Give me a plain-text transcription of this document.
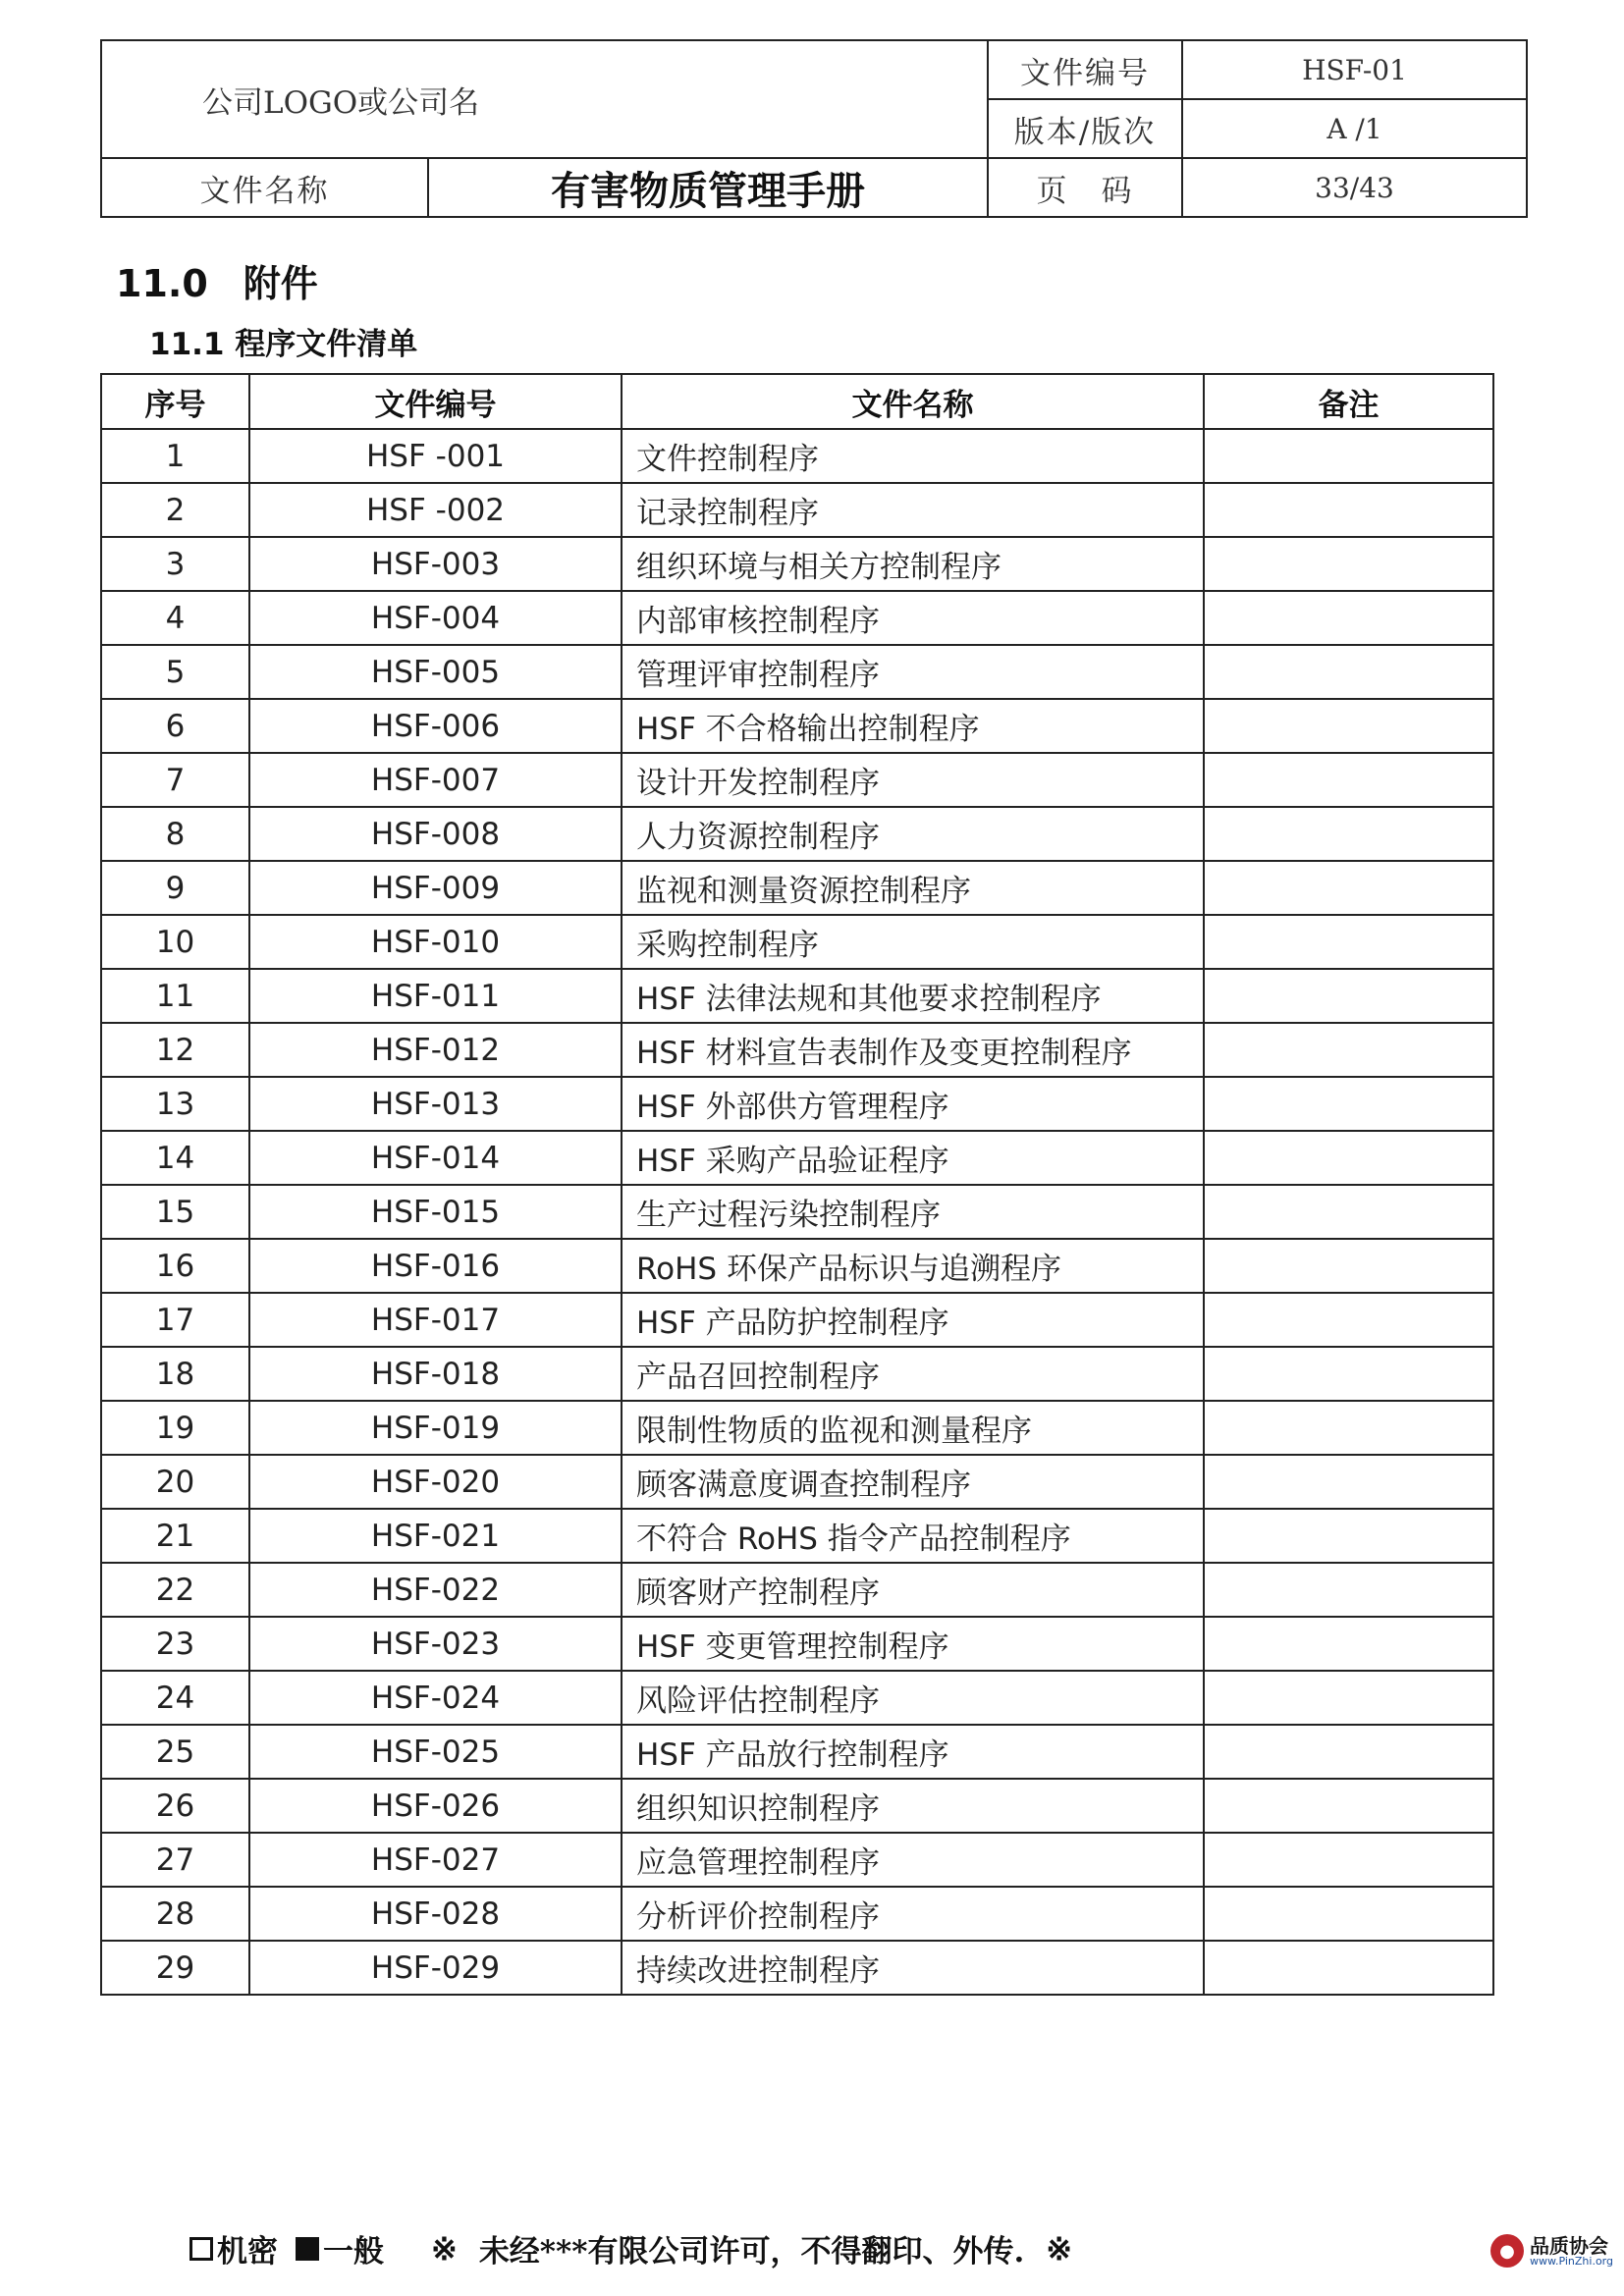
公司LOGO或公司名		文件编号	HSF-01
		版本/版次	A /1
文件名称	有害物质管理手册	页　码	33/43
11.0 附件
11.1 程序文件清单
序号	文件编号	文件名称	备注
1	HSF -001	文件控制程序	
2	HSF -002	记录控制程序	
3	HSF-003	组织环境与相关方控制程序	
4	HSF-004	内部审核控制程序	
5	HSF-005	管理评审控制程序	
6	HSF-006	HSF 不合格输出控制程序	
7	HSF-007	设计开发控制程序	
8	HSF-008	人力资源控制程序	
9	HSF-009	监视和测量资源控制程序	
10	HSF-010	采购控制程序	
11	HSF-011	HSF 法律法规和其他要求控制程序	
12	HSF-012	HSF 材料宣告表制作及变更控制程序	
13	HSF-013	HSF 外部供方管理程序	
14	HSF-014	HSF 采购产品验证程序	
15	HSF-015	生产过程污染控制程序	
16	HSF-016	RoHS 环保产品标识与追溯程序	
17	HSF-017	HSF 产品防护控制程序	
18	HSF-018	产品召回控制程序	
19	HSF-019	限制性物质的监视和测量程序	
20	HSF-020	顾客满意度调查控制程序	
21	HSF-021	不符合 RoHS 指令产品控制程序	
22	HSF-022	顾客财产控制程序	
23	HSF-023	HSF 变更管理控制程序	
24	HSF-024	风险评估控制程序	
25	HSF-025	HSF 产品放行控制程序	
26	HSF-026	组织知识控制程序	
27	HSF-027	应急管理控制程序	
28	HSF-028	分析评价控制程序	
29	HSF-029	持续改进控制程序	
机密 一般 ※ 未经***有限公司许可，不得翻印、外传. ※	● 品质协会
www.PinZhi.org
